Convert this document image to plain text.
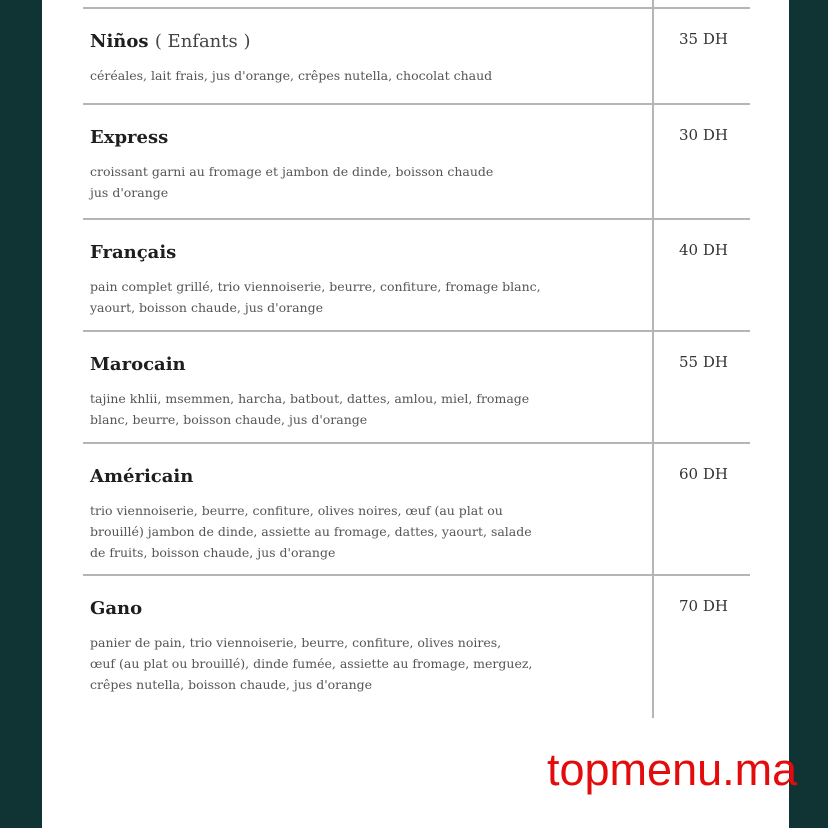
Niños ( Enfants )
céréales, lait frais, jus d'orange, crêpes nutella, chocolat chaud
35 DH
Express
croissant garni au fromage et jambon de dinde, boisson chaude
jus d'orange
30 DH
Français
pain complet grillé, trio viennoiserie, beurre, confiture, fromage blanc,
yaourt, boisson chaude, jus d'orange
40 DH
Marocain
tajine khlii, msemmen, harcha, batbout, dattes, amlou, miel, fromage
blanc, beurre, boisson chaude, jus d'orange
55 DH
Américain
trio viennoiserie, beurre, confiture, olives noires, œuf (au plat ou
brouillé) jambon de dinde, assiette au fromage, dattes, yaourt, salade
de fruits, boisson chaude, jus d'orange
60 DH
Gano
panier de pain, trio viennoiserie, beurre, confiture, olives noires,
œuf (au plat ou brouillé), dinde fumée, assiette au fromage, merguez,
crêpes nutella, boisson chaude, jus d'orange
70 DH
topmenu.ma
